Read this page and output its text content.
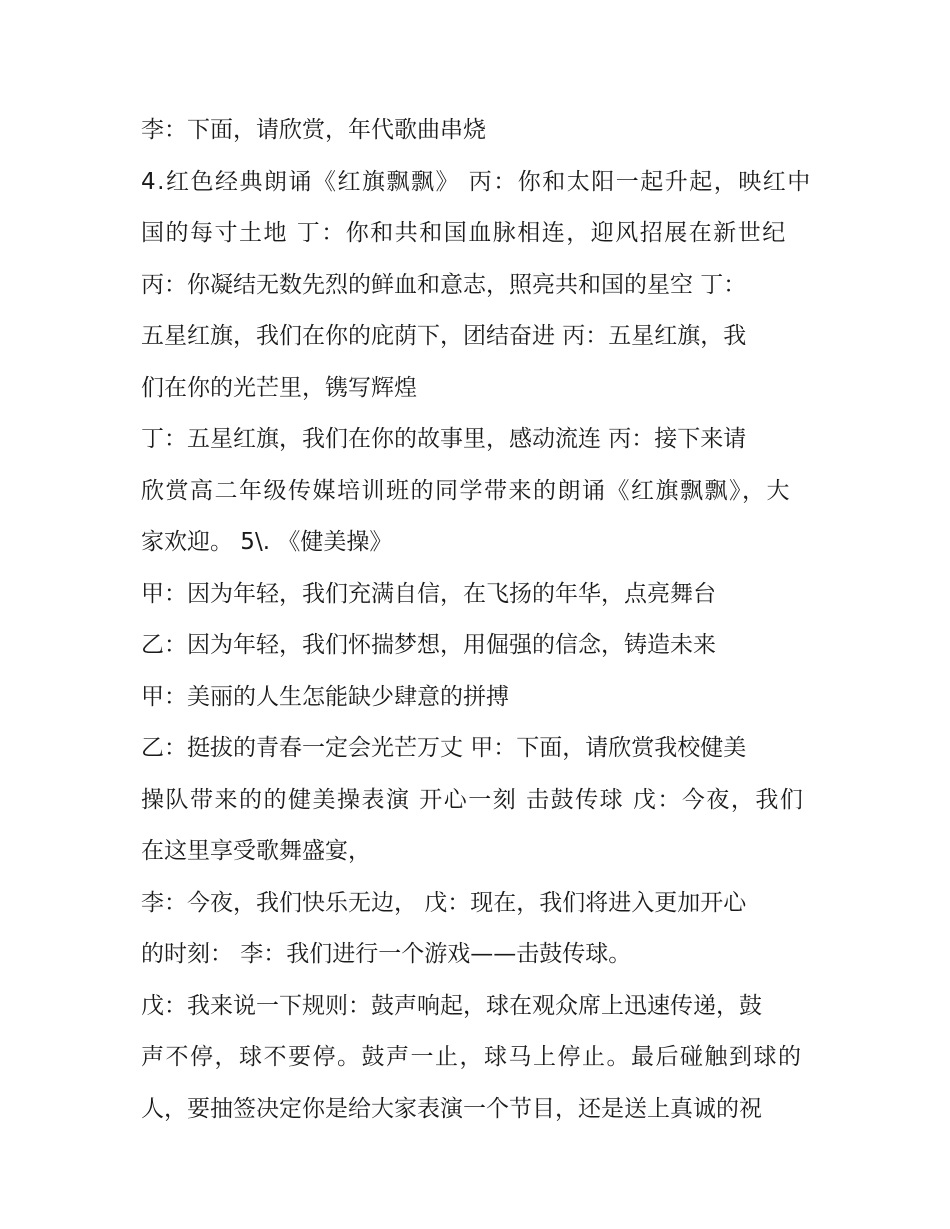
李：下面，请欣赏，年代歌曲串烧
4.红色经典朗诵《红旗飘飘》 丙：你和太阳一起升起，映红中
国的每寸土地 丁：你和共和国血脉相连，迎风招展在新世纪
丙：你凝结无数先烈的鲜血和意志，照亮共和国的星空 丁：
五星红旗，我们在你的庇荫下，团结奋进 丙：五星红旗，我
们在你的光芒里，镌写辉煌
丁：五星红旗，我们在你的故事里，感动流连 丙：接下来请
欣赏高二年级传媒培训班的同学带来的朗诵《红旗飘飘》，大
家欢迎。 5\. 《健美操》
甲：因为年轻，我们充满自信，在飞扬的年华，点亮舞台
乙：因为年轻，我们怀揣梦想，用倔强的信念，铸造未来
甲：美丽的人生怎能缺少肆意的拼搏
乙：挺拔的青春一定会光芒万丈 甲：下面，请欣赏我校健美
操队带来的的健美操表演 开心一刻 击鼓传球 戊：今夜，我们
在这里享受歌舞盛宴，
李：今夜，我们快乐无边， 戊：现在，我们将进入更加开心
的时刻： 李：我们进行一个游戏——击鼓传球。
戊：我来说一下规则：鼓声响起，球在观众席上迅速传递，鼓
声不停，球不要停。鼓声一止，球马上停止。最后碰触到球的
人，要抽签决定你是给大家表演一个节目，还是送上真诚的祝
